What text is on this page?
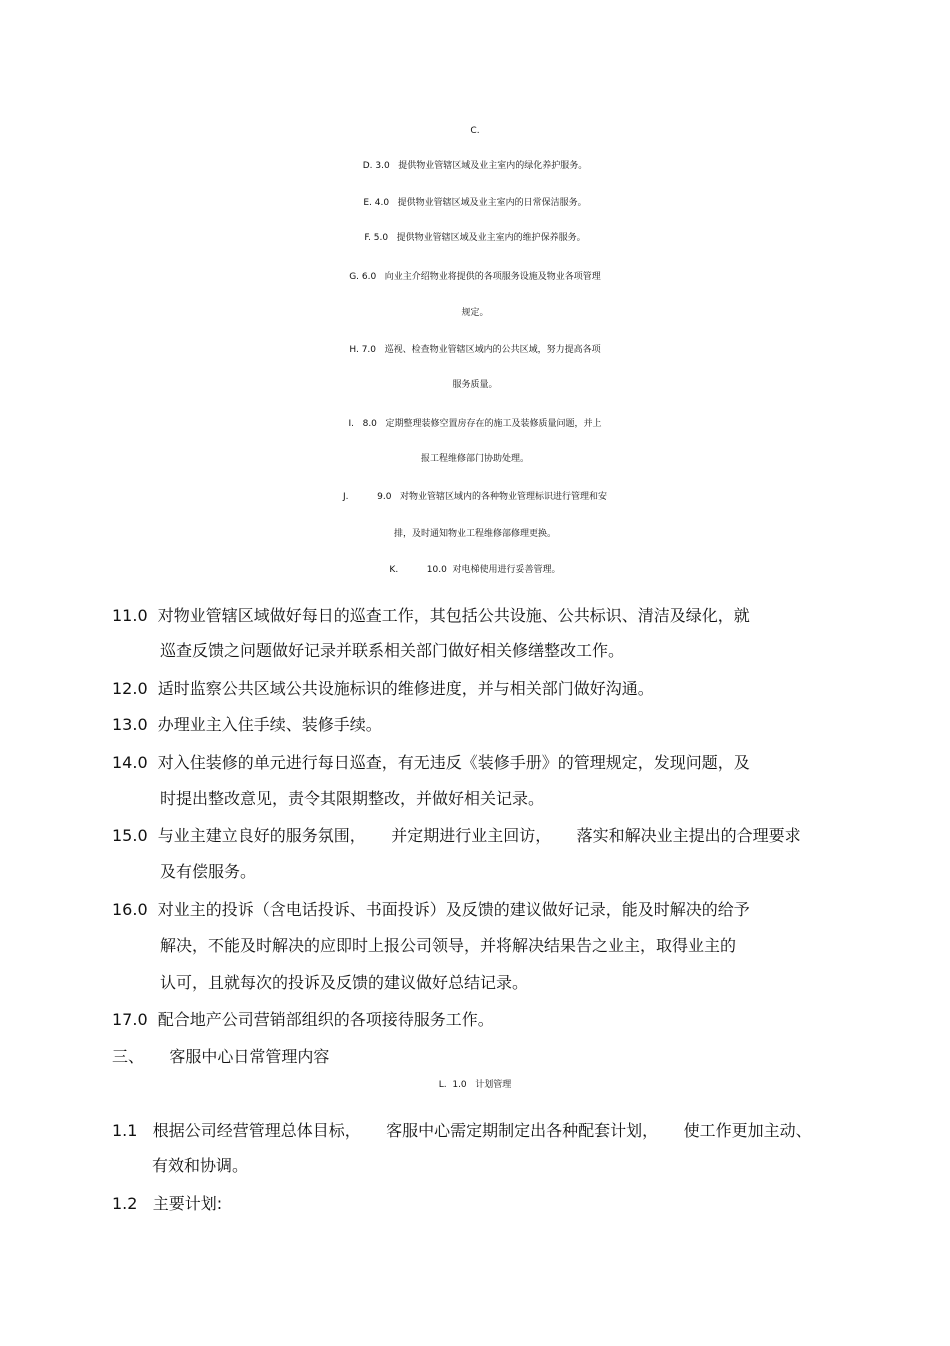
C.
D. 3.0   提供物业管辖区域及业主室内的绿化养护服务。
E. 4.0   提供物业管辖区域及业主室内的日常保洁服务。
F. 5.0   提供物业管辖区域及业主室内的维护保养服务。
G. 6.0   向业主介绍物业将提供的各项服务设施及物业各项管理
规定。
H. 7.0   巡视、检查物业管辖区域内的公共区域，努力提高各项
服务质量。
I.   8.0   定期整理装修空置房存在的施工及装修质量问题，并上
报工程维修部门协助处理。
J.          9.0   对物业管辖区域内的各种物业管理标识进行管理和安
排，及时通知物业工程维修部修理更换。
K.          10.0  对电梯使用进行妥善管理。
11.0  对物业管辖区域做好每日的巡查工作，其包括公共设施、公共标识、清洁及绿化，就
巡查反馈之问题做好记录并联系相关部门做好相关修缮整改工作。
12.0  适时监察公共区域公共设施标识的维修进度，并与相关部门做好沟通。
13.0  办理业主入住手续、装修手续。
14.0  对入住装修的单元进行每日巡查，有无违反《装修手册》的管理规定，发现问题，及
时提出整改意见，责令其限期整改，并做好相关记录。
15.0  与业主建立良好的服务氛围，     并定期进行业主回访，     落实和解决业主提出的合理要求
及有偿服务。
16.0  对业主的投诉（含电话投诉、书面投诉）及反馈的建议做好记录，能及时解决的给予
解决，不能及时解决的应即时上报公司领导，并将解决结果告之业主，取得业主的
认可，且就每次的投诉及反馈的建议做好总结记录。
17.0  配合地产公司营销部组织的各项接待服务工作。
三、     客服中心日常管理内容
L.  1.0   计划管理
1.1   根据公司经营管理总体目标，     客服中心需定期制定出各种配套计划，     使工作更加主动、
有效和协调。
1.2   主要计划:
